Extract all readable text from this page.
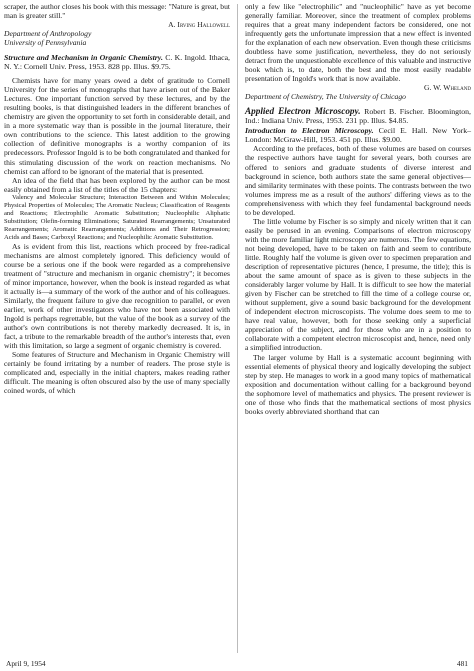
scraper, the author closes his book with this message: "Nature is great, but man is greater still."

A. Irving Hallowell

Department of Anthropology

University of Pennsylvania

Structure and Mechanism in Organic Chemistry. C. K. Ingold. Ithaca, N. Y.: Cornell Univ. Press, 1953. 828 pp. Illus. $9.75.

Chemists have for many years owed a debt of gratitude to Cornell University for the series of monographs that have arisen out of the Baker Lectures. One important function served by these lectures, and by the resulting books, is that distinguished leaders in the different branches of chemistry are given the opportunity to set forth in considerable detail, and in a more systematic way than is possible in the journal literature, their own contributions to the science. This latest addition to the growing collection of definitive monographs is a worthy companion of its predecessors. Professor Ingold is to be both congratulated and thanked for this stimulating discussion of the work on reaction mechanisms. No chemist can afford to be ignorant of the material that is presented.

An idea of the field that has been explored by the author can be most easily obtained from a list of the titles of the 15 chapters:

Valency and Molecular Structure; Interaction Between and Within Molecules; Physical Properties of Molecules; The Aromatic Nucleus; Classification of Reagents and Reactions; Electrophilic Aromatic Substitution; Nucleophilic Aliphatic Substitution; Olefin-forming Eliminations; Saturated Rearrangements; Unsaturated Rearrangements; Aromatic Rearrangements; Additions and Their Retrogression; Acids and Bases; Carboxyl Reactions; and Nucleophilic Aromatic Substitution.

As is evident from this list, reactions which proceed by free-radical mechanisms are almost completely ignored. This deficiency would of course be a serious one if the book were regarded as a comprehensive treatment of "structure and mechanism in organic chemistry"; it becomes of minor importance, however, when the book is instead regarded as what it actually is—a summary of the work of the author and of his colleagues. Similarly, the frequent failure to give due recognition to parallel, or even earlier, work of other investigators who have not been associated with Ingold is perhaps regrettable, but the value of the book as a survey of the author's own contributions is not thereby markedly decreased. It is, in fact, a tribute to the remarkable breadth of the author's interests that, even with this limitation, so large a segment of organic chemistry is covered.

Some features of Structure and Mechanism in Organic Chemistry will certainly be found irritating by a number of readers. The prose style is complicated and, especially in the initial chapters, makes reading rather difficult. The meaning is often obscured also by the use of many specially coined words, of which

only a few like "electrophilic" and "nucleophilic" have as yet become generally familiar. Moreover, since the treatment of complex problems requires that a great many independent factors be considered, one not infrequently gets the unfortunate impression that a new effect is invented for the explanation of each new observation. Even though these criticisms doubtless have some justification, nevertheless, they do not seriously detract from the unquestionable excellence of this valuable and instructive book which is, to date, both the best and the most easily readable presentation of Ingold's work that is now available.

G. W. Wheland

Department of Chemistry, The University of Chicago

Applied Electron Microscopy. Robert B. Fischer. Bloomington, Ind.: Indiana Univ. Press, 1953. 231 pp. Illus. $4.85.

Introduction to Electron Microscopy. Cecil E. Hall. New York–London: McGraw-Hill, 1953. 451 pp. Illus. $9.00.

According to the prefaces, both of these volumes are based on courses the respective authors have taught for several years, both courses are offered to seniors and graduate students of diverse interest and background in science, both authors state the same general objectives—and similarity terminates with these points. The contrasts between the two volumes impress me as a result of the authors' differing views as to the comprehensiveness with which they feel fundamental background needs to be developed.

The little volume by Fischer is so simply and nicely written that it can easily be perused in an evening. Comparisons of electron microscopy with the more familiar light microscopy are numerous. The few equations, not being developed, have to be taken on faith and seem to contribute little. Roughly half the volume is given over to specimen preparation and description of representative pictures (hence, I presume, the title); this is about the same amount of space as is given to these subjects in the considerably larger volume by Hall. It is difficult to see how the material given by Fischer can be stretched to fill the time of a college course or, without supplement, give a sound basic background for the development of independent electron microscopists. The volume does seem to me to have real value, however, both for those seeking only a superficial appreciation of the subject, and for those who are in a position to collaborate with a competent electron microscopist and, hence, need only a simplified introduction.

The larger volume by Hall is a systematic account beginning with essential elements of physical theory and logically developing the subject step by step. He manages to work in a good many topics of mathematical exposition and documentation without calling for a background beyond the sophomore level of mathematics and physics. The present reviewer is one of those who finds that the mathematical sections of most physics books overly abbreviated shorthand that can

April 9, 1954	481
